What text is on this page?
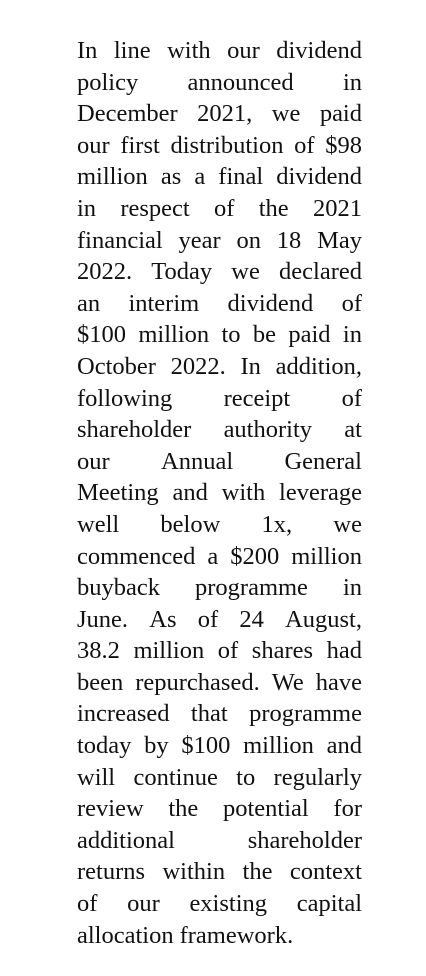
In line with our dividend
policy announced in
December 2021, we paid
our first distribution of $98
million as a final dividend
in respect of the 2021
financial year on 18 May
2022. Today we declared
an interim dividend of
$100 million to be paid in
October 2022. In addition,
following receipt of
shareholder authority at
our Annual General
Meeting and with leverage
well below 1x, we
commenced a $200 million
buyback programme in
June. As of 24 August,
38.2 million of shares had
been repurchased. We have
increased that programme
today by $100 million and
will continue to regularly
review the potential for
additional	shareholder
returns within the context
of our existing capital
allocation framework.
